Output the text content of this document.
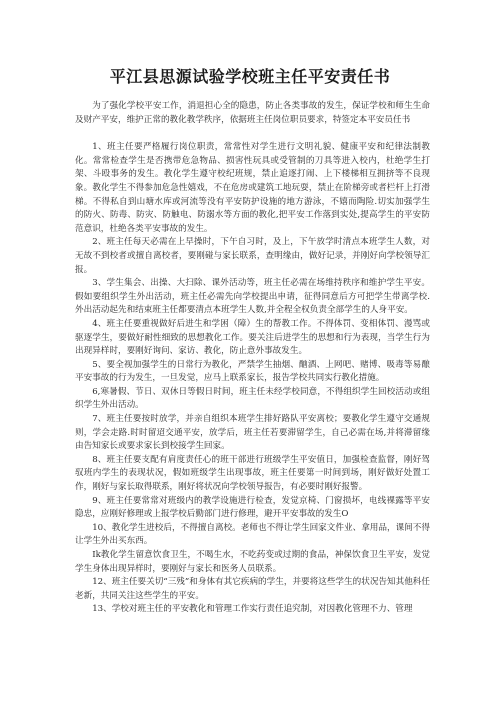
平江县思源试验学校班主任平安责任书

为了强化学校平安工作，消退担心全的隐患，防止各类事故的发生，保证学校和师生生命及财产平安，维护正常的教化教学秩序，依据班主任岗位职员要求，特签定本平安员任书

1、班主任要严格履行岗位职责，常常性对学生进行文明礼貌、健康平安和纪律法制教化。常常检查学生是否携带危急物品、损害性玩具或受管制的刀具等进入校内，杜绝学生打架、斗殴事务的发生。教化学生遵守校纪班规，禁止追逐打闹、上下楼梯相互拥挤等不良现象。教化学生不得参加危急性嬉戏，不在危房或建筑工地玩耍，禁止在阶梯旁或者栏杆上打滑梯。不得私自到山塘水库或河流等没有平安防护设施的地方游泳，不嬉而陶险.切实加强学生的防火、防毒、防灾、防触电、防溺水等方面的教化,把平安工作落到实处,提高学生的平安防范意识，杜绝各类平安事故的发生。

2、班主任每天必需在上早操时，下午自习时，及上，下午放学时清点本班学生人数，对无故不到校者或擅自离校者，要刚碰与家长联系，查明缘由，做好记录，并刚好向学校领导汇报。

3、学生集会、出操、大扫除、课外活动等，班主任必需在场维持秩序和维护学生平安。假如要组织学生外出活动，班主任必需先向学校提出申请，征得同意后方可把学生带离学校.外出活动起先和结束班主任都要清点本班学生人数,并全程全权负责全部学生的人身平安。

4、班主任要重视做好后进生和学困（障）生的帮教工作。不得体罚、变相体罚、漫骂或驱逐学生，要做好耐性细致的思想教化工作。要关注后进学生的思想和行为表现，当学生行为出现异样时，要刚好询问、家访、教化，防止意外事故发生。

5、要全视加强学生的日常行为教化，严禁学生抽烟、酗酒、上网吧、赌博、吸毒等易酿平安事故的行为发生，一旦发觉，应马上联系家长，报告学校共同实行教化措施。

6,寒暑假、节日、双休日等假日时间，班主任未经学校同意，不得组织学生回校活动或组织学生外出活动。

7、班主任要按时放学，并亲自组织本班学生排好路队平安离校；要教化学生遵守交通规则，学会走路.时时留迢交通平安，放学后，班主任若要滞留学生，自己必需在场,并将滞留缘由告知家长或要求家长到校接学生回家。

8、班主任要支配有肩度责任心的班干部进行班级学生平安值日，加强检查监督，刚好驾驭班内学生的表现状况，假如班级学生出现事故，班主任要第一时间到场，刚好做好处置工作，刚好与家长取得联系，刚好将状况向学校领导报告，有必要时刚好报警。

9、班主任要常常对班级内的教学设施进行检查，发觉京椅、门窗损坏，电线裸露等平安隐忠，应刚好修理或上报学校后勤部门进行修理，避开平安事故的发生O

10、教化学生进校后，不得擅自离校。老师也不得让学生回家文件业、拿用品，课间不得让学生外出买东西。

Ik教化学生留意饮食卫生，不喝生水，不吃药变或过期的食品，神保饮食卫生平安，发觉学生身体出现异样时，要刚好与家长和医务人员联系。

12、班主任要关切“三残”和身体有其它疾病的学生，并要将这些学生的状况告知其他科任老新，共同关注这些学生的平安。

13、学校对班主任的平安教化和管理工作实行责任追究制，对因教化管理不力、管理
